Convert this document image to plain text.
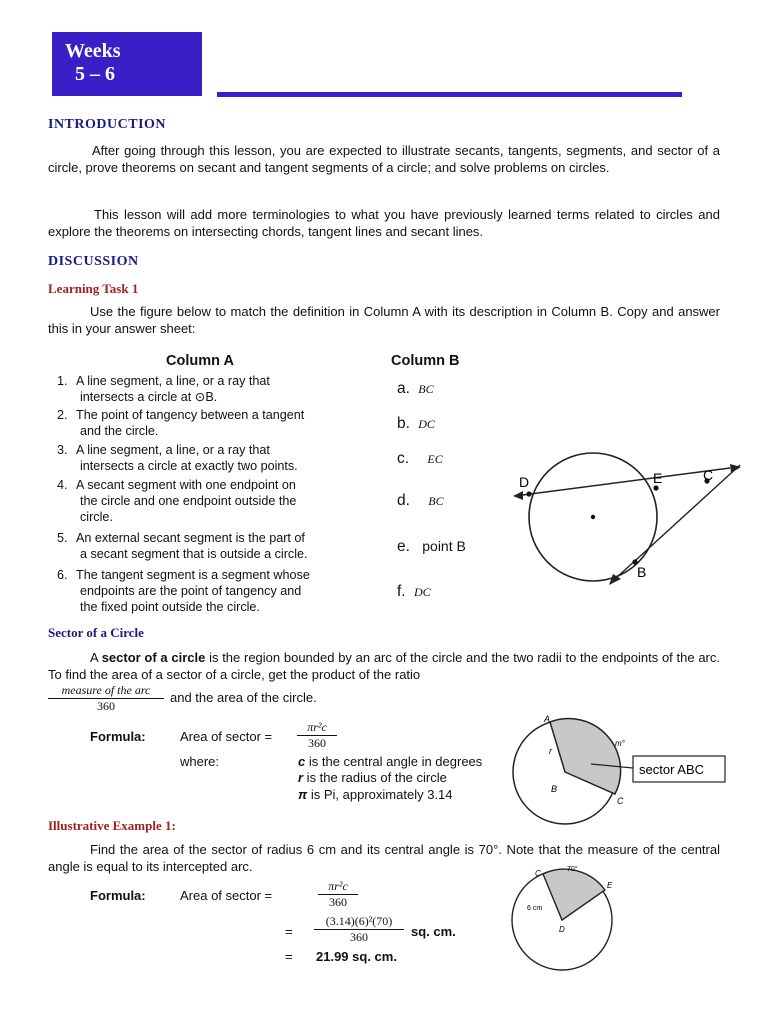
Weeks
5 – 6
INTRODUCTION
After going through this lesson, you are expected to illustrate secants, tangents, segments, and sector of a circle, prove theorems on secant and tangent segments of a circle; and solve problems on circles.
This lesson will add more terminologies to what you have previously learned terms related to circles and explore the theorems on intersecting chords, tangent lines and secant lines.
DISCUSSION
Learning Task 1
Use the figure below to match the definition in Column A with its description in Column B. Copy and answer this in your answer sheet:
Column A	Column B
1. A line segment, a line, or a ray that
intersects a circle at ⊙B.
2. The point of tangency between a tangent
and the circle.
3. A line segment, a line, or a ray that
intersects a circle at exactly two points.
4. A secant segment with one endpoint on
the circle and one endpoint outside the
circle.
5. An external secant segment is the part of
a secant segment that is outside a circle.
6. The tangent segment is a segment whose
endpoints are the point of tangency and
the fixed point outside the circle.
a. BC
b. DC
c. EC
d. BC
e. point B
f. DC
D	E	C
B
Sector of a Circle
A sector of a circle is the region bounded by an arc of the circle and the two radii to the endpoints of the arc. To find the area of a sector of a circle, get the product of the ratio
measure of the arc
360
and the area of the circle.
Formula:	Area of sector = $\frac{\text{πr²c}}{360}$
where:	c is the central angle in degrees
r is the radius of the circle
π is Pi, approximately 3.14
sector ABC
A
B
C
r
m°
Illustrative Example 1:
Find the area of the sector of radius 6 cm and its central angle is 70°. Note that the measure of the central angle is equal to its intercepted arc.
Formula:	Area of sector =	$\frac{\text{πr²c}}{360}$
= $\frac{\text{(3.14)(6)²(70)}}{360}$ sq. cm.
= 21.99 sq. cm.
C
E
D
70°
6 cm
